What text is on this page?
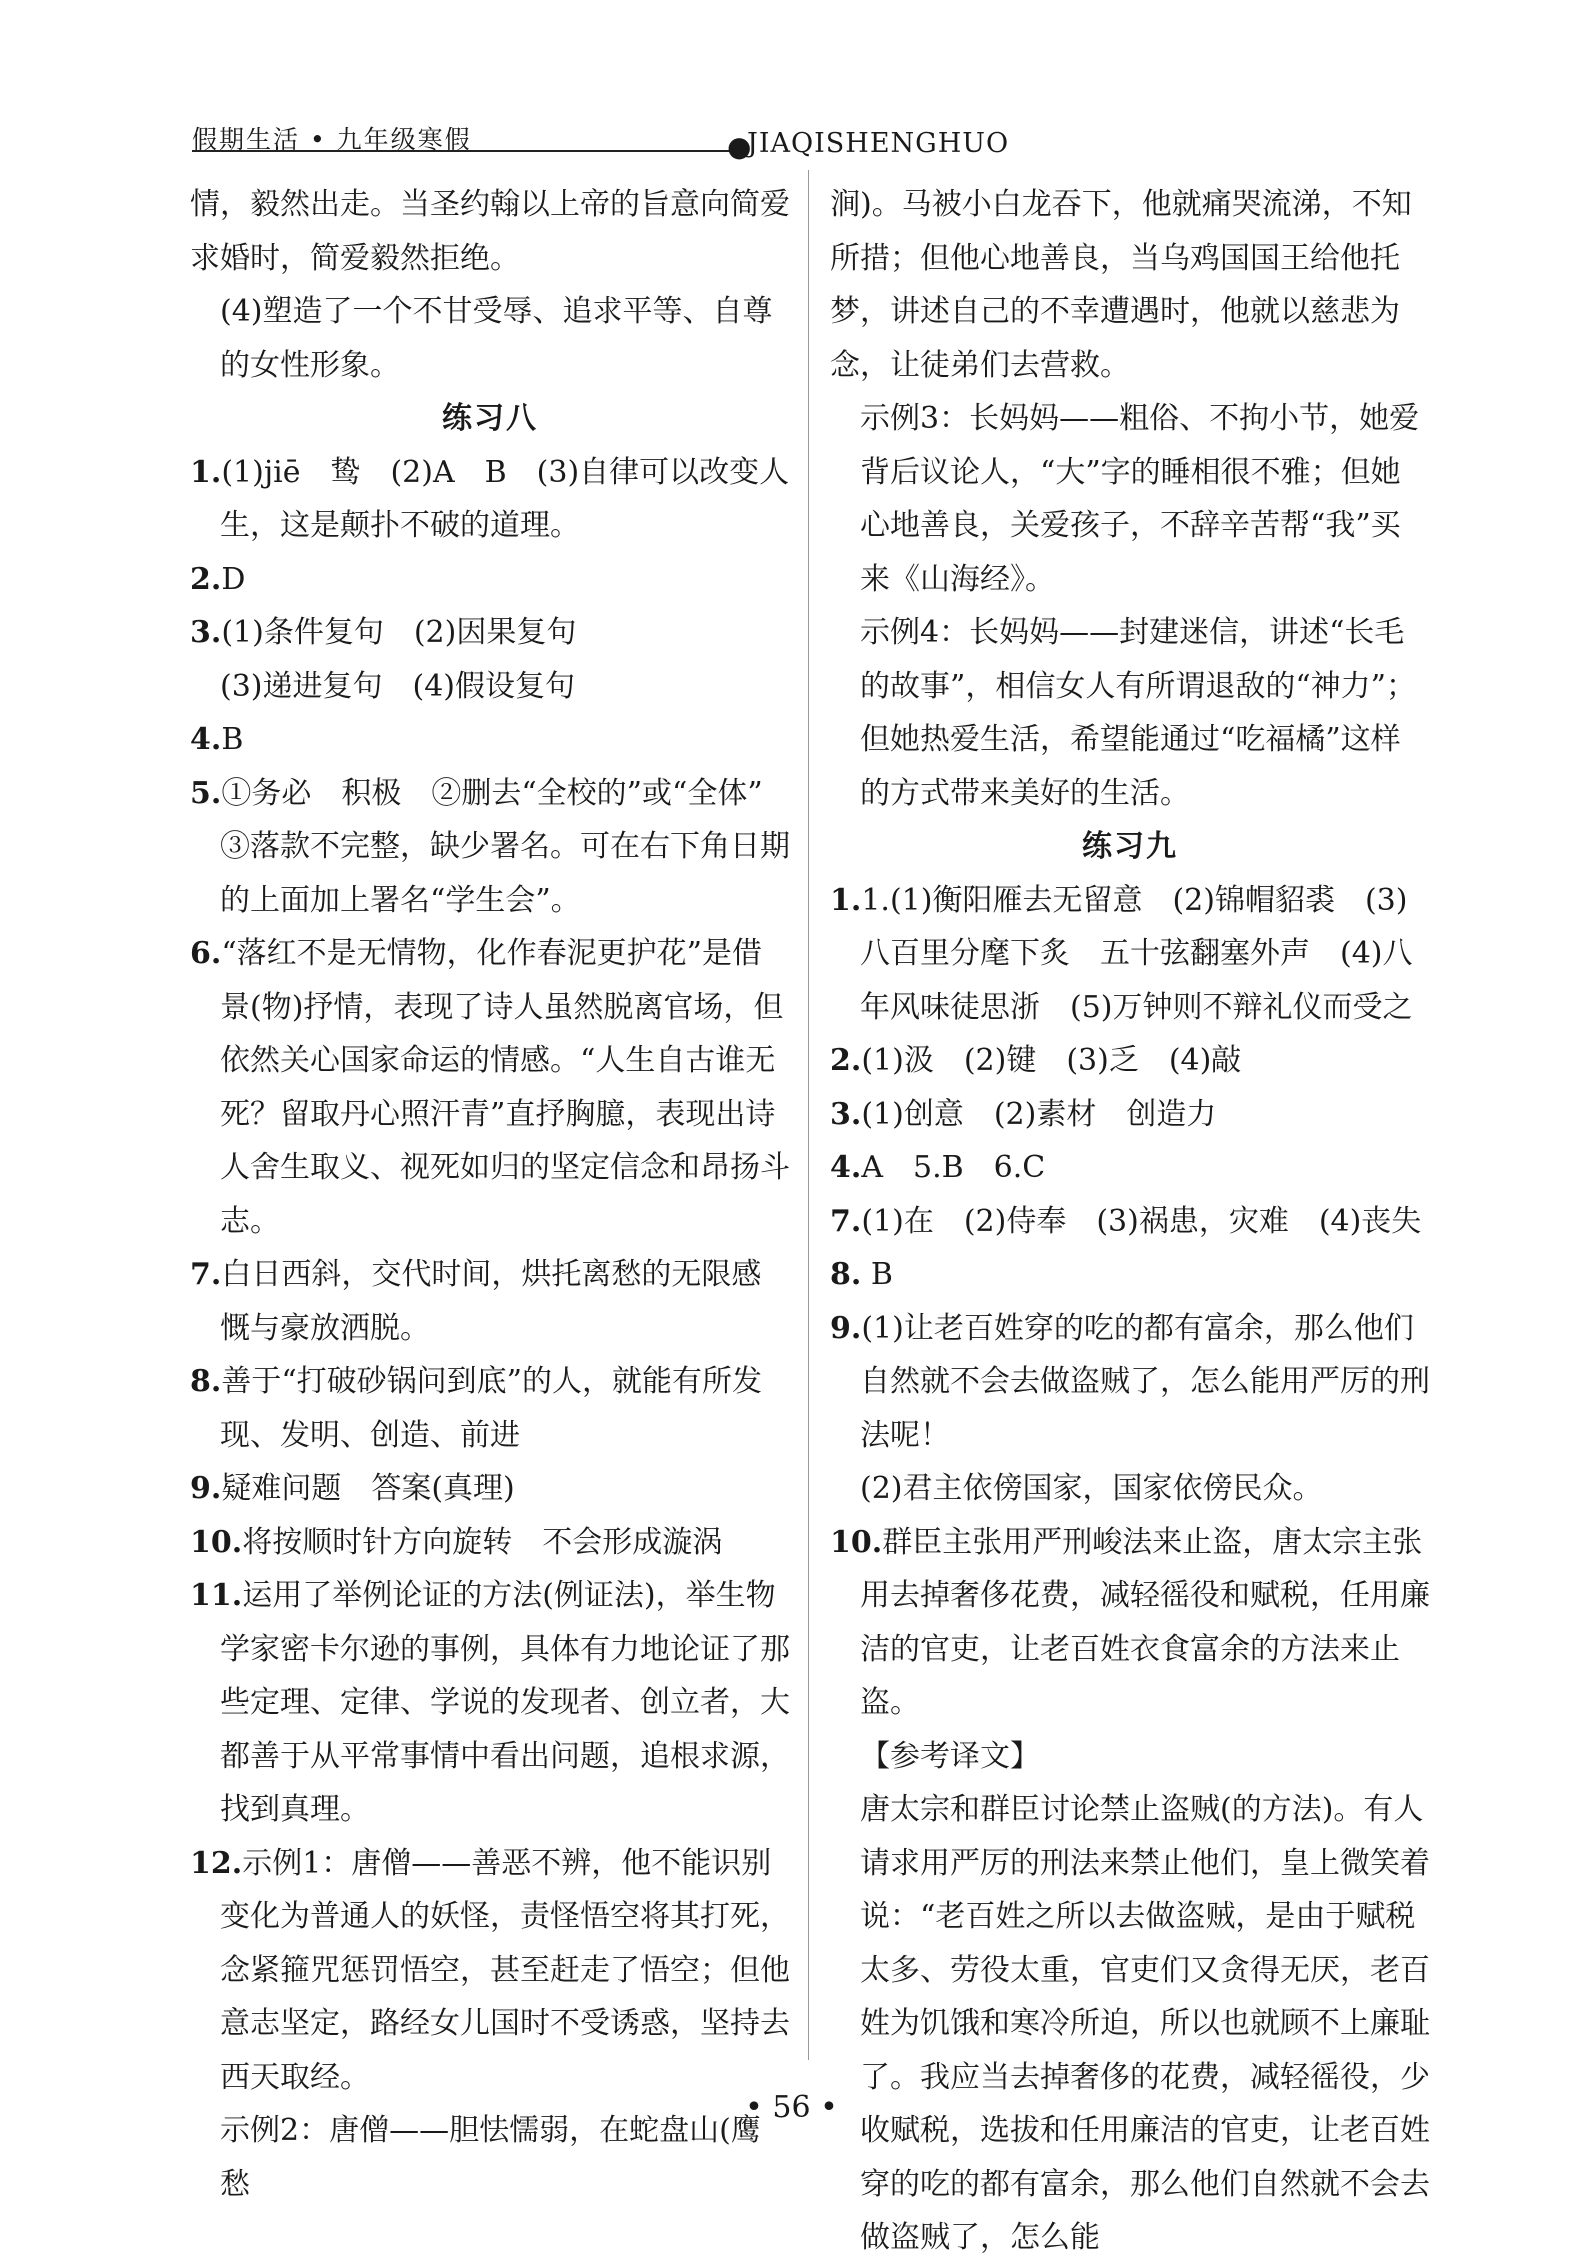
假期生活 • 九年级寒假	●
JIAQISHENGHUO

情，毅然出走。当圣约翰以上帝的旨意向简爱求婚时，简爱毅然拒绝。

(4)塑造了一个不甘受辱、追求平等、自尊的女性形象。

练习八

1.(1)jiē　鸷　(2)A　B　(3)自律可以改变人生，这是颠扑不破的道理。

2.D

3.(1)条件复句　(2)因果复句

(3)递进复句　(4)假设复句

4.B

5.①务必　积极　②删去“全校的”或“全体”　③落款不完整，缺少署名。可在右下角日期的上面加上署名“学生会”。

6.“落红不是无情物，化作春泥更护花”是借景(物)抒情，表现了诗人虽然脱离官场，但依然关心国家命运的情感。“人生自古谁无死？留取丹心照汗青”直抒胸臆，表现出诗人舍生取义、视死如归的坚定信念和昂扬斗志。

7.白日西斜，交代时间，烘托离愁的无限感慨与豪放洒脱。

8.善于“打破砂锅问到底”的人，就能有所发现、发明、创造、前进

9.疑难问题　答案(真理)

10.将按顺时针方向旋转　不会形成漩涡

11.运用了举例论证的方法(例证法)，举生物学家密卡尔逊的事例，具体有力地论证了那些定理、定律、学说的发现者、创立者，大都善于从平常事情中看出问题，追根求源，找到真理。

12.示例1：唐僧——善恶不辨，他不能识别变化为普通人的妖怪，责怪悟空将其打死，念紧箍咒惩罚悟空，甚至赶走了悟空；但他意志坚定，路经女儿国时不受诱惑，坚持去西天取经。

示例2：唐僧——胆怯懦弱，在蛇盘山(鹰愁

涧)。马被小白龙吞下，他就痛哭流涕，不知所措；但他心地善良，当乌鸡国国王给他托梦，讲述自己的不幸遭遇时，他就以慈悲为念，让徒弟们去营救。

示例3：长妈妈——粗俗、不拘小节，她爱背后议论人，“大”字的睡相很不雅；但她心地善良，关爱孩子，不辞辛苦帮“我”买来《山海经》。

示例4：长妈妈——封建迷信，讲述“长毛的故事”，相信女人有所谓退敌的“神力”；但她热爱生活，希望能通过“吃福橘”这样的方式带来美好的生活。

练习九

1.1.(1)衡阳雁去无留意　(2)锦帽貂裘　(3)八百里分麾下炙　五十弦翻塞外声　(4)八年风味徒思浙　(5)万钟则不辩礼仪而受之

2.(1)汲　(2)键　(3)乏　(4)敲

3.(1)创意　(2)素材　创造力

4.A　5.B　6.C

7.(1)在　(2)侍奉　(3)祸患，灾难　(4)丧失

8. B

9.(1)让老百姓穿的吃的都有富余，那么他们自然就不会去做盗贼了，怎么能用严厉的刑法呢！

(2)君主依傍国家，国家依傍民众。

10.群臣主张用严刑峻法来止盗，唐太宗主张用去掉奢侈花费，减轻徭役和赋税，任用廉洁的官吏，让老百姓衣食富余的方法来止盗。

【参考译文】

唐太宗和群臣讨论禁止盗贼(的方法)。有人请求用严厉的刑法来禁止他们，皇上微笑着说：“老百姓之所以去做盗贼，是由于赋税太多、劳役太重，官吏们又贪得无厌，老百姓为饥饿和寒冷所迫，所以也就顾不上廉耻了。我应当去掉奢侈的花费，减轻徭役，少收赋税，选拔和任用廉洁的官吏，让老百姓穿的吃的都有富余，那么他们自然就不会去做盗贼了，怎么能

• 56 •
